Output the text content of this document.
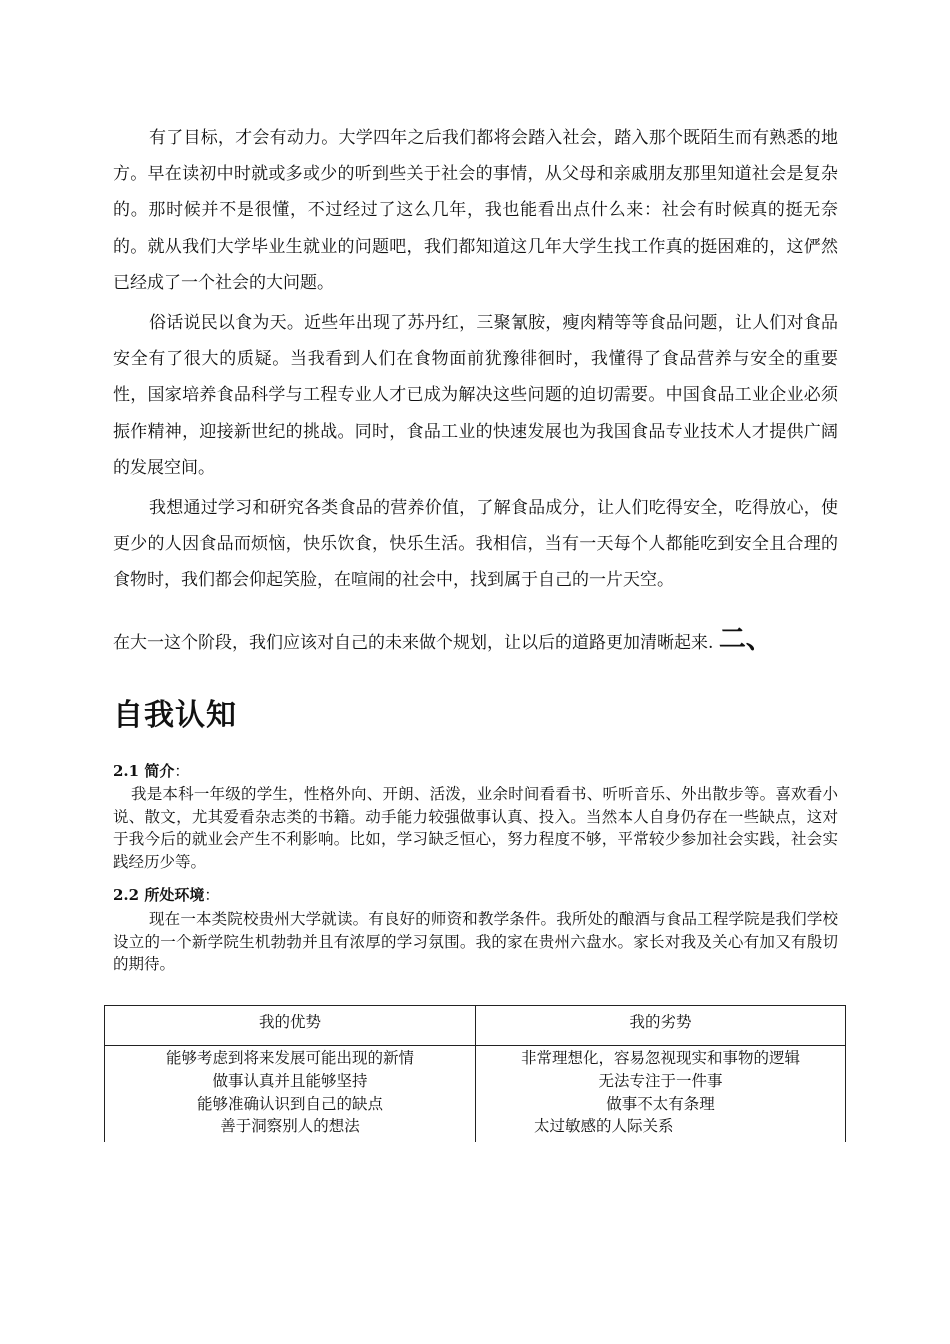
有了目标，才会有动力。大学四年之后我们都将会踏入社会，踏入那个既陌生而有熟悉的地方。早在读初中时就或多或少的听到些关于社会的事情，从父母和亲戚朋友那里知道社会是复杂的。那时候并不是很懂，不过经过了这么几年，我也能看出点什么来：社会有时候真的挺无奈的。就从我们大学毕业生就业的问题吧，我们都知道这几年大学生找工作真的挺困难的，这俨然已经成了一个社会的大问题。

俗话说民以食为天。近些年出现了苏丹红，三聚氰胺，瘦肉精等等食品问题，让人们对食品安全有了很大的质疑。当我看到人们在食物面前犹豫徘徊时，我懂得了食品营养与安全的重要性，国家培养食品科学与工程专业人才已成为解决这些问题的迫切需要。中国食品工业企业必须振作精神，迎接新世纪的挑战。同时，食品工业的快速发展也为我国食品专业技术人才提供广阔的发展空间。

我想通过学习和研究各类食品的营养价值，了解食品成分，让人们吃得安全，吃得放心，使更少的人因食品而烦恼，快乐饮食，快乐生活。我相信，当有一天每个人都能吃到安全且合理的食物时，我们都会仰起笑脸，在喧闹的社会中，找到属于自己的一片天空。

在大一这个阶段，我们应该对自己的未来做个规划，让以后的道路更加清晰起来. 二、

自我认知

2.1 简介：

我是本科一年级的学生，性格外向、开朗、活泼，业余时间看看书、听听音乐、外出散步等。喜欢看小说、散文，尤其爱看杂志类的书籍。动手能力较强做事认真、投入。当然本人自身仍存在一些缺点，这对于我今后的就业会产生不利影响。比如，学习缺乏恒心，努力程度不够，平常较少参加社会实践，社会实践经历少等。

2.2 所处环境：

现在一本类院校贵州大学就读。有良好的师资和教学条件。我所处的酿酒与食品工程学院是我们学校设立的一个新学院生机勃勃并且有浓厚的学习氛围。我的家在贵州六盘水。家长对我及关心有加又有殷切的期待。

我的优势	我的劣势
能够考虑到将来发展可能出现的新情	非常理想化，容易忽视现实和事物的逻辑
做事认真并且能够坚持	无法专注于一件事
能够准确认识到自己的缺点	做事不太有条理
善于洞察别人的想法	太过敏感的人际关系
